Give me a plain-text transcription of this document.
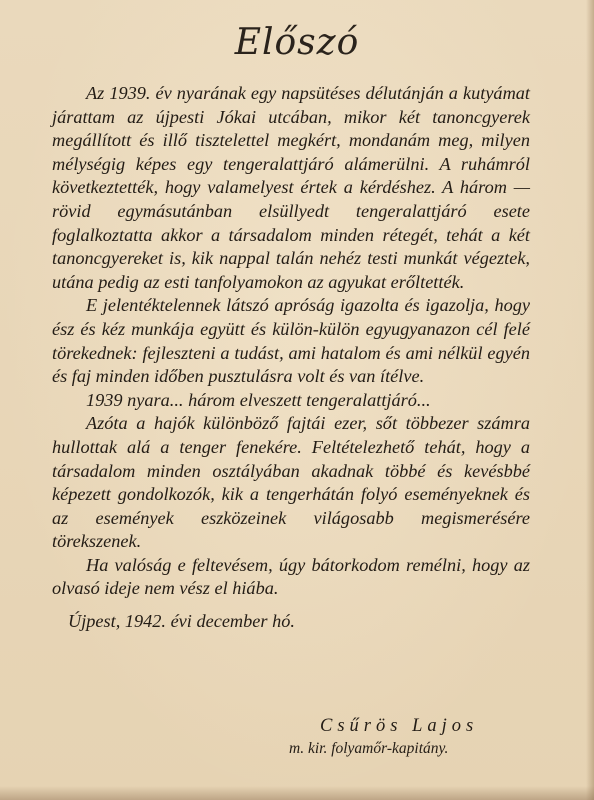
Előszó

Az 1939. év nyarának egy napsütéses délutánján a kutyámat járattam az újpesti Jókai utcában, mikor két tanoncgyerek megállított és illő tisztelettel megkért, mondanám meg, milyen mélységig képes egy tengeralattjáró alámerülni. A ruhámról következtették, hogy valamelyest értek a kérdéshez. A három — rövid egymásutánban elsüllyedt tengeralattjáró esete foglalkoztatta akkor a társadalom minden rétegét, tehát a két tanoncgyereket is, kik nappal talán nehéz testi munkát végeztek, utána pedig az esti tanfolyamokon az agyukat erőltették.

E jelentéktelennek látszó apróság igazolta és igazolja, hogy ész és kéz munkája együtt és külön-külön egyugyanazon cél felé törekednek: fejleszteni a tudást, ami hatalom és ami nélkül egyén és faj minden időben pusztulásra volt és van ítélve.

1939 nyara... három elveszett tengeralattjáró...

Azóta a hajók különböző fajtái ezer, sőt többezer számra hullottak alá a tenger fenekére. Feltételezhető tehát, hogy a társadalom minden osztályában akadnak többé és kevésbbé képezett gondolkozók, kik a tengerhátán folyó eseményeknek és az események eszközeinek világosabb megismerésére törekszenek.

Ha valóság e feltevésem, úgy bátorkodom remélni, hogy az olvasó ideje nem vész el hiába.

Újpest, 1942. évi december hó.

Csűrös Lajos
m. kir. folyamőr-kapitány.
